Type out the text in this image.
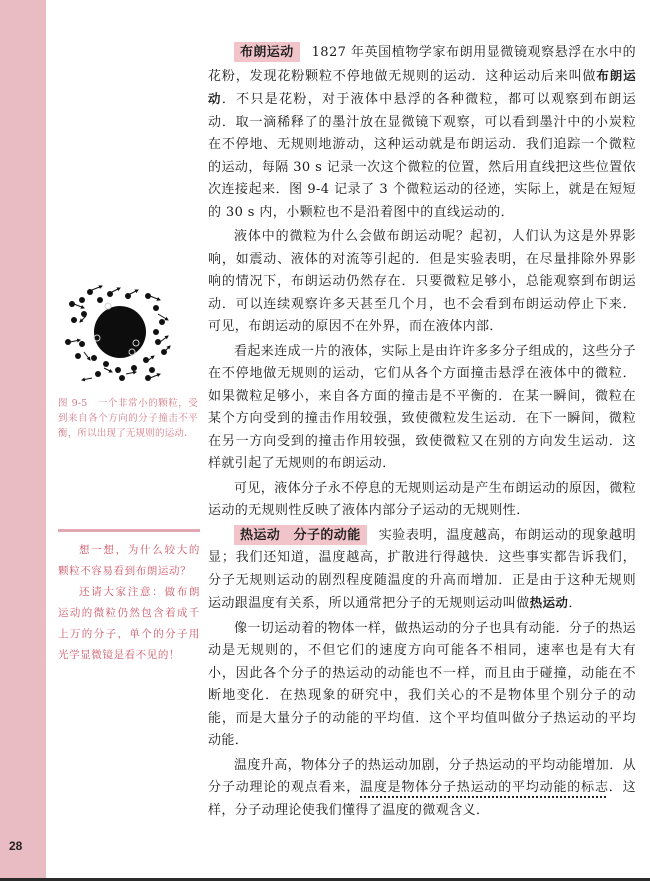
28
图 9-5　一个非常小的颗粒，受到来自各个方向的分子撞击不平衡，所以出现了无规则的运动．

想一想，为什么较大的颗粒不容易看到布朗运动？

还请大家注意：做布朗运动的微粒仍然包含着成千上万的分子，单个的分子用光学显微镜是看不见的！

布朗运动 1827 年英国植物学家布朗用显微镜观察悬浮在水中的花粉，发现花粉颗粒不停地做无规则的运动．这种运动后来叫做布朗运动．不只是花粉，对于液体中悬浮的各种微粒，都可以观察到布朗运动．取一滴稀释了的墨汁放在显微镜下观察，可以看到墨汁中的小炭粒在不停地、无规则地游动，这种运动就是布朗运动．我们追踪一个微粒的运动，每隔 30 s 记录一次这个微粒的位置，然后用直线把这些位置依次连接起来．图 9-4 记录了 3 个微粒运动的径迹，实际上，就是在短短的 30 s 内，小颗粒也不是沿着图中的直线运动的．

液体中的微粒为什么会做布朗运动呢？起初，人们认为这是外界影响，如震动、液体的对流等引起的．但是实验表明，在尽量排除外界影响的情况下，布朗运动仍然存在．只要微粒足够小，总能观察到布朗运动．可以连续观察许多天甚至几个月，也不会看到布朗运动停止下来．可见，布朗运动的原因不在外界，而在液体内部．

看起来连成一片的液体，实际上是由许许多多分子组成的，这些分子在不停地做无规则的运动，它们从各个方面撞击悬浮在液体中的微粒．如果微粒足够小，来自各方面的撞击是不平衡的．在某一瞬间，微粒在某个方向受到的撞击作用较强，致使微粒发生运动．在下一瞬间，微粒在另一方向受到的撞击作用较强，致使微粒又在别的方向发生运动．这样就引起了无规则的布朗运动．

可见，液体分子永不停息的无规则运动是产生布朗运动的原因，微粒运动的无规则性反映了液体内部分子运动的无规则性．

热运动　分子的动能 实验表明，温度越高，布朗运动的现象越明显；我们还知道，温度越高，扩散进行得越快．这些事实都告诉我们，分子无规则运动的剧烈程度随温度的升高而增加．正是由于这种无规则运动跟温度有关系，所以通常把分子的无规则运动叫做热运动．

像一切运动着的物体一样，做热运动的分子也具有动能．分子的热运动是无规则的，不但它们的速度方向可能各不相同，速率也是有大有小，因此各个分子的热运动的动能也不一样，而且由于碰撞，动能在不断地变化．在热现象的研究中，我们关心的不是物体里个别分子的动能，而是大量分子的动能的平均值．这个平均值叫做分子热运动的平均动能．

温度升高，物体分子的热运动加剧，分子热运动的平均动能增加．从分子动理论的观点看来，温度是物体分子热运动的平均动能的标志．这样，分子动理论使我们懂得了温度的微观含义．
